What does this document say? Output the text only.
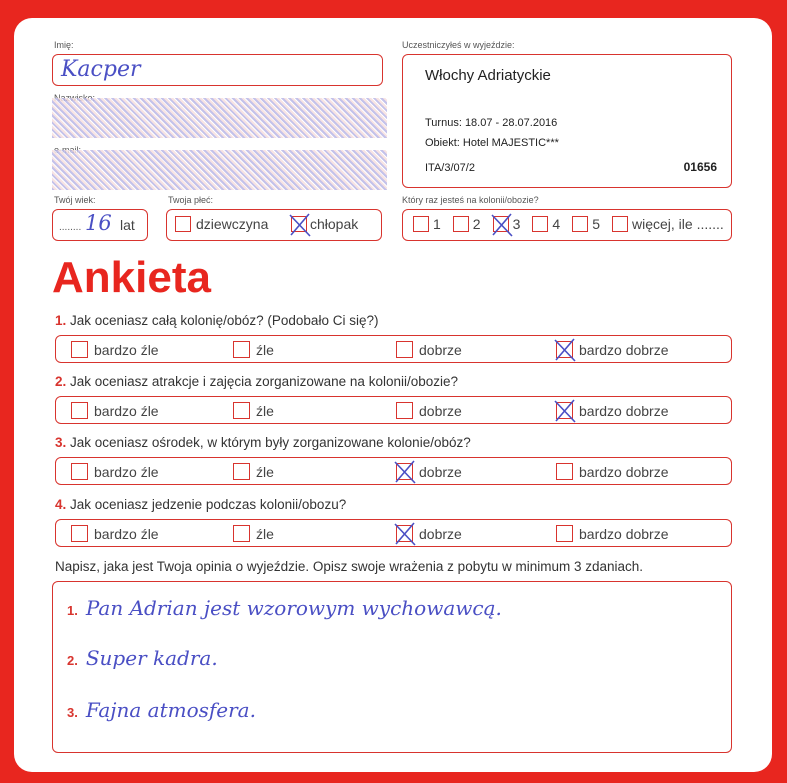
Imię:
Kacper
Uczestniczyłeś w wyjeździe:
Włochy Adriatyckie
Turnus: 18.07 - 28.07.2016
Obiekt: Hotel MAJESTIC***
ITA/3/07/2	01656
Twój wiek:
........ 16 lat
Twoja płeć:
dziewczyna	chłopak
Który raz jesteś na kolonii/obozie?
1 2 3 4 5 więcej, ile .......
Ankieta
1. Jak oceniasz całą kolonię/obóz? (Podobało Ci się?)
bardzo źle	źle	dobrze	bardzo dobrze
2. Jak oceniasz atrakcje i zajęcia zorganizowane na kolonii/obozie?
bardzo źle	źle	dobrze	bardzo dobrze
3. Jak oceniasz ośrodek, w którym były zorganizowane kolonie/obóz?
bardzo źle	źle	dobrze	bardzo dobrze
4. Jak oceniasz jedzenie podczas kolonii/obozu?
bardzo źle	źle	dobrze	bardzo dobrze
Napisz, jaka jest Twoja opinia o wyjeździe. Opisz swoje wrażenia z pobytu w minimum 3 zdaniach.
1. Pan Adrian jest wzorowym wychowawcą.
2. Super kadra.
3. Fajna atmosfera.
